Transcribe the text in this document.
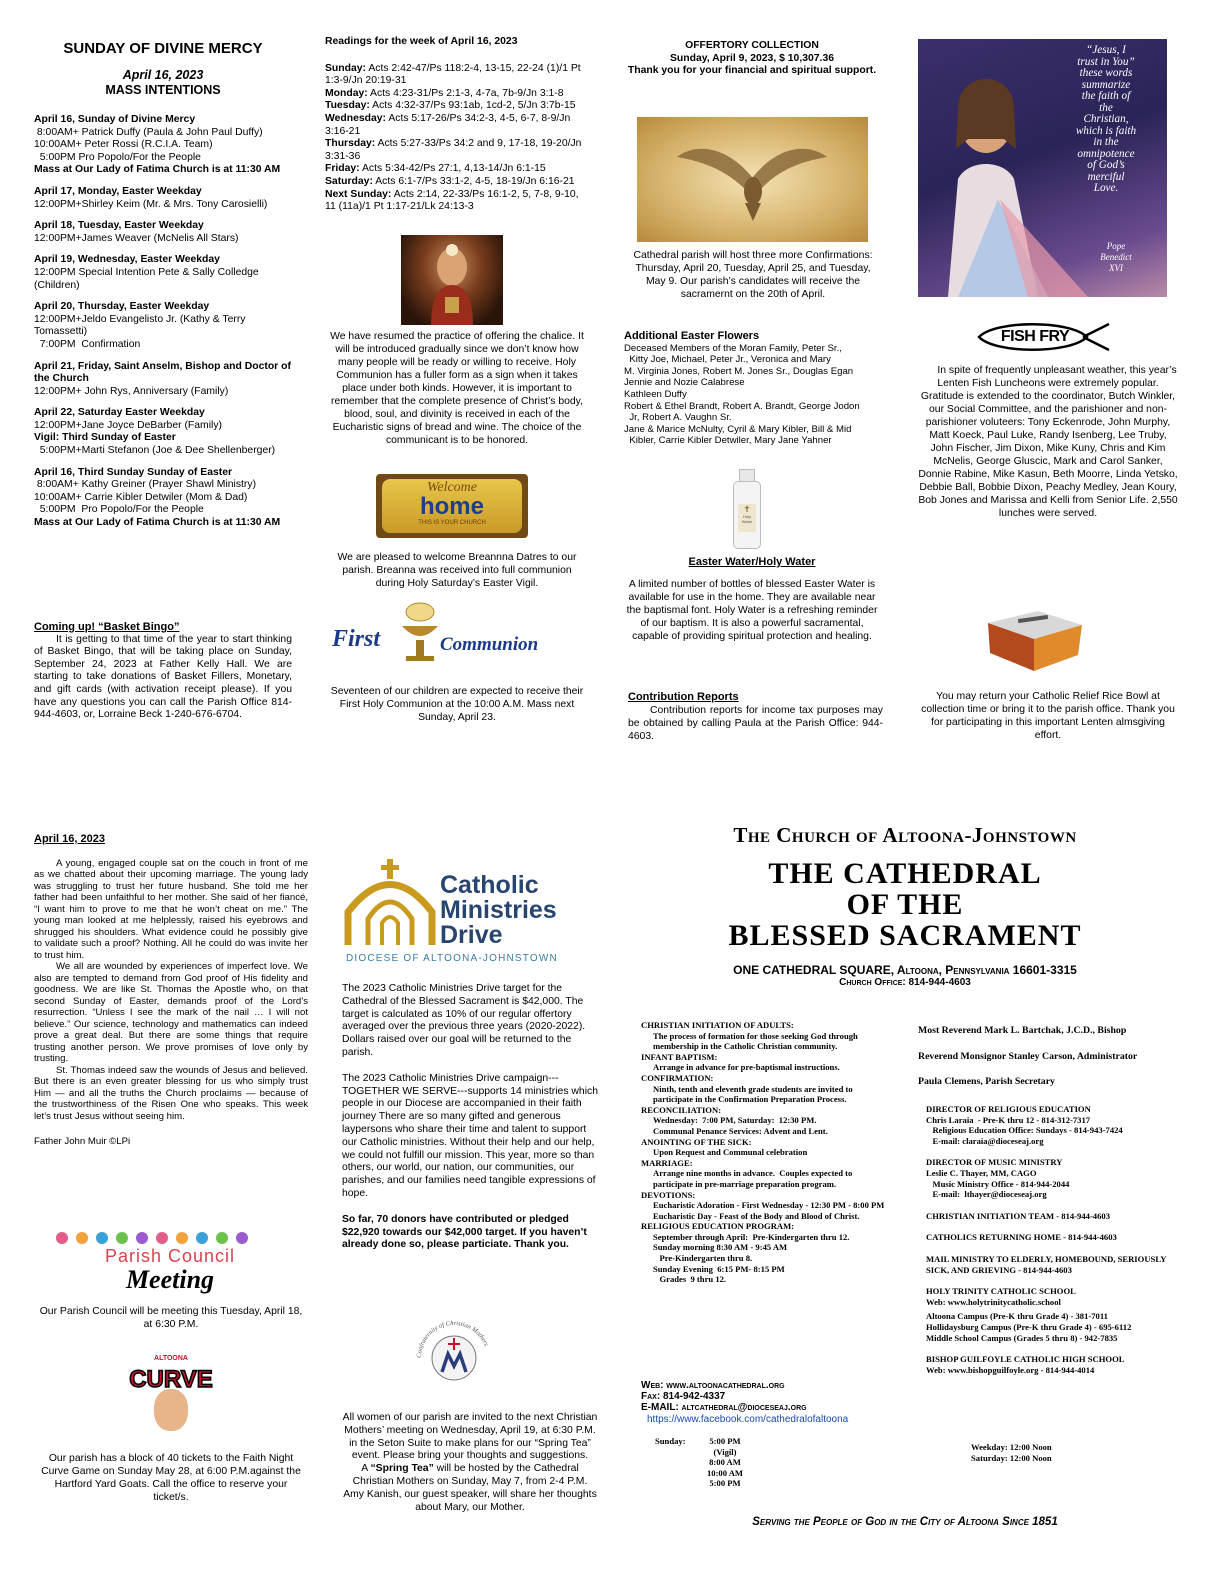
SUNDAY OF DIVINE MERCY
April 16, 2023
MASS INTENTIONS
April 16, Sunday of Divine Mercy
8:00AM+ Patrick Duffy (Paula & John Paul Duffy)
10:00AM+ Peter Rossi (R.C.I.A. Team)
5:00PM Pro Popolo/For the People
Mass at Our Lady of Fatima Church is at 11:30 AM
April 17, Monday, Easter Weekday
12:00PM+Shirley Keim (Mr. & Mrs. Tony Carosielli)
April 18, Tuesday, Easter Weekday
12:00PM+James Weaver (McNelis All Stars)
April 19, Wednesday, Easter Weekday
12:00PM Special Intention Pete & Sally Colledge (Children)
April 20, Thursday, Easter Weekday
12:00PM+Jeldo Evangelisto Jr. (Kathy & Terry Tomassetti)
7:00PM  Confirmation
April 21, Friday, Saint Anselm, Bishop and Doctor of the Church
12:00PM+ John Rys, Anniversary (Family)
April 22, Saturday Easter Weekday
12:00PM+Jane Joyce DeBarber (Family)
Vigil: Third Sunday of Easter
5:00PM+Marti Stefanon (Joe & Dee Shellenberger)
April 16, Third Sunday Sunday of Easter
8:00AM+ Kathy Greiner (Prayer Shawl Ministry)
10:00AM+ Carrie Kibler Detwiler (Mom & Dad)
5:00PM  Pro Popolo/For the People
Mass at Our Lady of Fatima Church is at 11:30 AM
Coming up! “Basket Bingo”

It is getting to that time of the year to start thinking of Basket Bingo, that will be taking place on Sunday, September 24, 2023 at Father Kelly Hall. We are starting to take donations of Basket Fillers, Monetary, and gift cards (with activation receipt please). If you have any questions you can call the Parish Office 814-944-4603, or, Lorraine Beck 1-240-676-6704.

Readings for the week of April 16, 2023
Sunday: Acts 2:42-47/Ps 118:2-4, 13-15, 22-24 (1)/1 Pt 1:3-9/Jn 20:19-31
Monday: Acts 4:23-31/Ps 2:1-3, 4-7a, 7b-9/Jn 3:1-8
Tuesday: Acts 4:32-37/Ps 93:1ab, 1cd-2, 5/Jn 3:7b-15
Wednesday: Acts 5:17-26/Ps 34:2-3, 4-5, 6-7, 8-9/Jn 3:16-21
Thursday: Acts 5:27-33/Ps 34:2 and 9, 17-18, 19-20/Jn 3:31-36
Friday: Acts 5:34-42/Ps 27:1, 4,13-14/Jn 6:1-15
Saturday: Acts 6:1-7/Ps 33:1-2, 4-5, 18-19/Jn 6:16-21
Next Sunday: Acts 2:14, 22-33/Ps 16:1-2, 5, 7-8, 9-10, 11 (11a)/1 Pt 1:17-21/Lk 24:13-3
We have resumed the practice of offering the chalice. It will be introduced gradually since we don’t know how many people will be ready or willing to receive. Holy Communion has a fuller form as a sign when it takes place under both kinds. However, it is important to remember that the complete presence of Christ’s body, blood, soul, and divinity is received in each of the Eucharistic signs of bread and wine. The choice of the communicant is to be honored.
Welcome
home
THIS IS YOUR CHURCH
We are pleased to welcome Breannna Datres to our parish. Breanna was received into full communion during Holy Saturday’s Easter Vigil.
First	Communion
Seventeen of our children are expected to receive their First Holy Communion at the 10:00 A.M. Mass next Sunday, April 23.
OFFERTORY COLLECTION
Sunday, April 9, 2023, $ 10,307.36
Thank you for your financial and spiritual support.
Cathedral parish will host three more Confirmations: Thursday, April 20, Tuesday, April 25, and Tuesday, May 9. Our parish’s candidates will receive the sacramernt on the 20th of April.
Additional Easter Flowers
Deceased Members of the Moran Family, Peter Sr.,
Kitty Joe, Michael, Peter Jr., Veronica and Mary
M. Virginia Jones, Robert M. Jones Sr., Douglas Egan
Jennie and Nozie Calabrese
Kathleen Duffy
Robert & Ethel Brandt, Robert A. Brandt, George Jodon
Jr, Robert A. Vaughn Sr.
Jane & Marice McNulty, Cyril & Mary Kibler, Bill & Mid
Kibler, Carrie Kibler Detwiler, Mary Jane Yahner
✝
Holy Water
Easter Water/Holy Water

A limited number of bottles of blessed Easter Water is available for use in the home. They are available near the baptismal font. Holy Water is a refreshing reminder of our baptism. It is also a powerful sacramental, capable of providing spiritual protection and healing.

Contribution Reports

Contribution reports for income tax purposes may be obtained by calling Paula at the Parish Office: 944-4603.

“Jesus, I
trust in You”
these words
summarize
the faith of
the
Christian,
which is faith
in the
omnipotence
of God’s
merciful
Love.
Pope
Benedict
XVI
FISH FRY
In spite of frequently unpleasant weather, this year’s Lenten Fish Luncheons were extremely popular. Gratitude is extended to the coordinator, Butch Winkler, our Social Committee, and the parishioner and non-parishioner voluteers: Tony Eckenrode, John Murphy, Matt Koeck, Paul Luke, Randy Isenberg, Lee Truby, John Fischer, Jim Dixon, Mike Kuny, Chris and Kim McNelis, George Gluscic, Mark and Carol Sanker, Donnie Rabine, Mike Kasun, Beth Moorre, Linda Yetsko, Debbie Ball, Bobbie Dixon, Peachy Medley, Jean Koury, Bob Jones and Marissa and Kelli from Senior Life. 2,550 lunches were served.
You may return your Catholic Relief Rice Bowl at collection time or bring it to the parish office. Thank you for participating in this important Lenten almsgiving effort.
April 16, 2023

A young, engaged couple sat on the couch in front of me as we chatted about their upcoming marriage. The young lady was struggling to trust her future husband. She told me her father had been unfaithful to her mother. She said of her fiancé, “I want him to prove to me that he won’t cheat on me.” The young man looked at me helplessly, raised his eyebrows and shrugged his shoulders. What evidence could he possibly give to validate such a proof? Nothing. All he could do was invite her to trust him.

We all are wounded by experiences of imperfect love. We also are tempted to demand from God proof of His fidelity and goodness. We are like St. Thomas the Apostle who, on that second Sunday of Easter, demands proof of the Lord’s resurrection. “Unless I see the mark of the nail … I will not believe.” Our science, technology and mathematics can indeed prove a great deal. But there are some things that require trusting another person. We prove promises of love only by trusting.

St. Thomas indeed saw the wounds of Jesus and believed. But there is an even greater blessing for us who simply trust Him — and all the truths the Church proclaims — because of the trustworthiness of the Risen One who speaks. This week let’s trust Jesus without seeing him.

Father John Muir ©LPi
Parish Council
Meeting
Our Parish Council will be meeting this Tuesday, April 18, at 6:30 P.M.
ALTOONA
CURVE
Our parish has a block of 40 tickets to the Faith Night Curve Game on Sunday May 28, at 6:00 P.M.against the Hartford Yard Goats. Call the office to reserve your ticket/s.
Catholic
Ministries
Drive
DIOCESE OF ALTOONA-JOHNSTOWN

The 2023 Catholic Ministries Drive target for the Cathedral of the Blessed Sacrament is $42,000. The target is calculated as 10% of our regular offertory averaged over the previous three years (2020-2022). Dollars raised over our goal will be returned to the parish.

The 2023 Catholic Ministries Drive campaign---TOGETHER WE SERVE---supports 14 ministries which people in our Diocese are accompanied in their faith journey There are so many gifted and generous laypersons who share their time and talent to support our Catholic ministries. Without their help and our help, we could not fulfill our mission. This year, more so than others, our world, our nation, our communities, our parishes, and our families need tangible expressions of hope.

So far, 70 donors have contributed or pledged $22,920 towards our $42,000 target. If you haven’t already done so, please particiate. Thank you.

Confraternity of Christian Mothers

All women of our parish are invited to the next Christian Mothers’ meeting on Wednesday, April 19, at 6:30 P.M. in the Seton Suite to make plans for our “Spring Tea” event. Please bring your thoughts and suggestions.

A “Spring Tea” will be hosted by the Cathedral Christian Mothers on Sunday, May 7, from 2-4 P.M. Amy Kanish, our guest speaker, will share her thoughts about Mary, our Mother.

The Church of Altoona-Johnstown
THE CATHEDRAL
OF THE
BLESSED SACRAMENT
ONE CATHEDRAL SQUARE, Altoona, Pennsylvania 16601-3315
Church Office: 814-944-4603
CHRISTIAN INITIATION OF ADULTS:
The process of formation for those seeking God through
membership in the Catholic Christian community.
INFANT BAPTISM:
Arrange in advance for pre-baptismal instructions.
CONFIRMATION:
Ninth, tenth and eleventh grade students are invited to
participate in the Confirmation Preparation Process.
RECONCILIATION:
Wednesday:  7:00 PM, Saturday:  12:30 PM.
Communal Penance Services: Advent and Lent.
ANOINTING OF THE SICK:
Upon Request and Communal celebration
MARRIAGE:
Arrange nine months in advance.  Couples expected to
participate in pre-marriage preparation program.
DEVOTIONS:
Eucharistic Adoration - First Wednesday - 12:30 PM - 8:00 PM
Eucharistic Day - Feast of the Body and Blood of Christ.
RELIGIOUS EDUCATION PROGRAM:
September through April:  Pre-Kindergarten thru 12.
Sunday morning 8:30 AM - 9:45 AM
Pre-Kindergarten thru 8.
Sunday Evening  6:15 PM- 8:15 PM
Grades  9 thru 12.
Web: www.altoonacathedral.org
Fax: 814-942-4337
E-MAIL: altcathedral@dioceseaj.org
https://www.facebook.com/cathedralofaltoona
Sunday:	5:00 PM (Vigil)
8:00 AM
10:00 AM
5:00 PM
Weekday: 12:00 Noon
Saturday: 12:00 Noon
Most Reverend Mark L. Bartchak, J.C.D., Bishop
Reverend Monsignor Stanley Carson, Administrator
Paula Clemens, Parish Secretary
DIRECTOR OF RELIGIOUS EDUCATION
Chris Laraia  - Pre-K thru 12 - 814-312-7317
Religious Education Office: Sundays - 814-943-7424
E-mail: claraia@dioceseaj.org
DIRECTOR OF MUSIC MINISTRY
Leslie C. Thayer, MM, CAGO
Music Ministry Office - 814-944-2044
E-mail:  lthayer@dioceseaj.org
CHRISTIAN INITIATION TEAM - 814-944-4603
CATHOLICS RETURNING HOME - 814-944-4603
MAIL MINISTRY TO ELDERLY, HOMEBOUND, SERIOUSLY SICK, AND GRIEVING - 814-944-4603
HOLY TRINITY CATHOLIC SCHOOL
Web: www.holytrinitycatholic.school
Altoona Campus (Pre-K thru Grade 4) - 381-7011
Hollidaysburg Campus (Pre-K thru Grade 4) - 695-6112
Middle School Campus (Grades 5 thru 8) - 942-7835
BISHOP GUILFOYLE CATHOLIC HIGH SCHOOL
Web: www.bishopguilfoyle.org - 814-944-4014
Serving the People of God in the City of Altoona Since 1851
